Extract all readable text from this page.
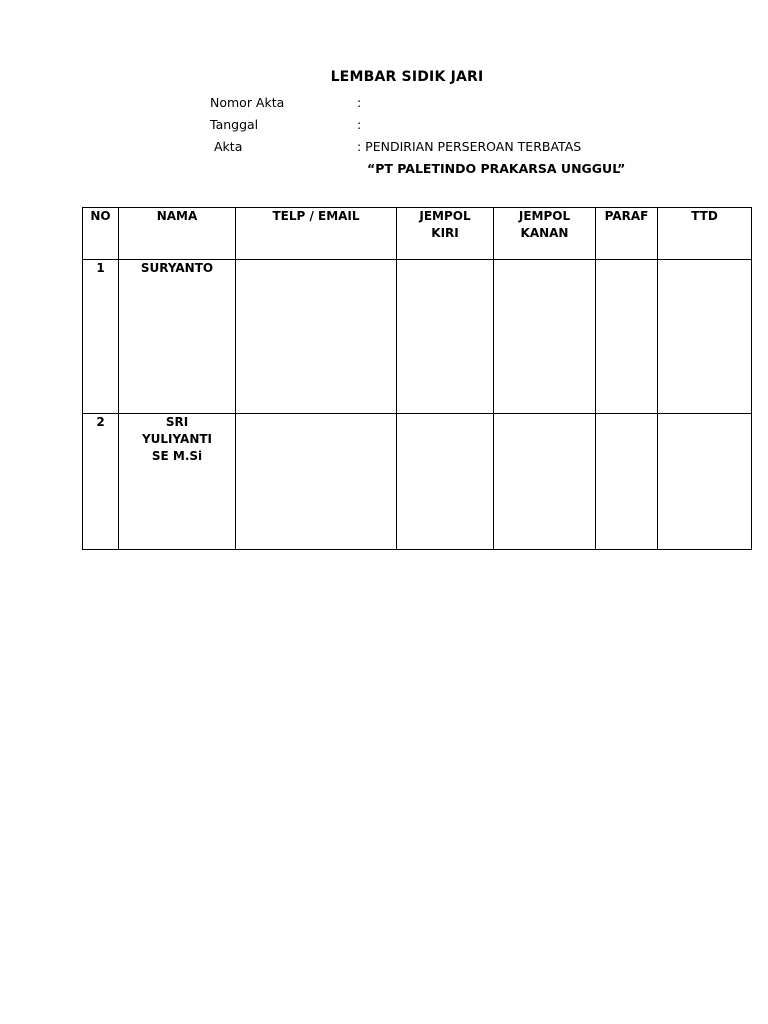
LEMBAR SIDIK JARI
Nomor Akta	:
Tanggal	:
Akta	: PENDIRIAN PERSEROAN TERBATAS
“PT PALETINDO PRAKARSA UNGGUL”
NO	NAMA	TELP / EMAIL	JEMPOL KIRI	JEMPOL KANAN	PARAF	TTD
1	SURYANTO					
2	SRI YULIYANTI SE M.Si					
